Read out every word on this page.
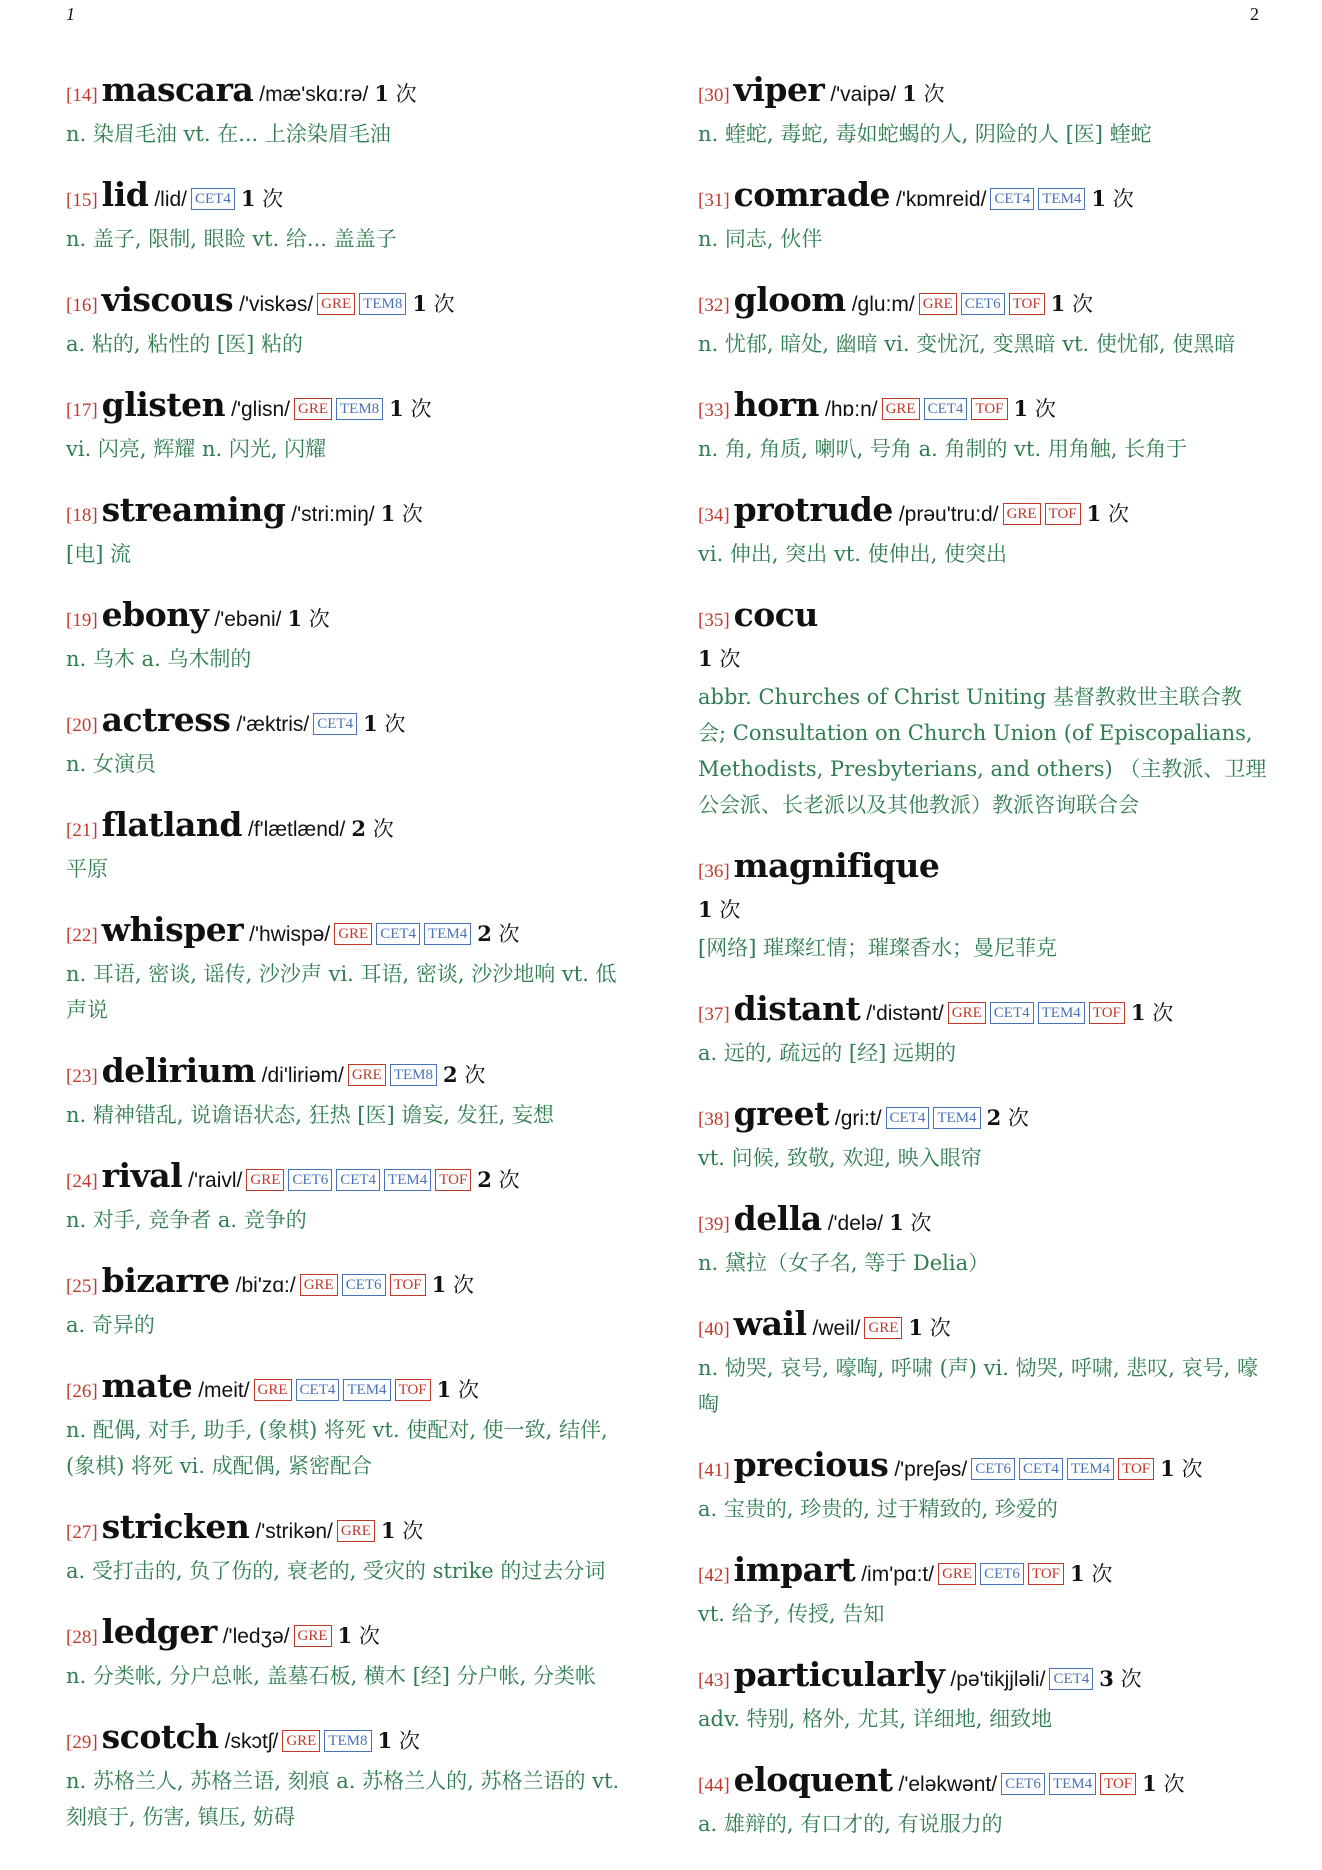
1	2
[14] mascara /mæ'skɑ:rə/ 1 次
n. 染眉毛油 vt. 在... 上涂染眉毛油
[15] lid /lid/ CET4 1 次
n. 盖子, 限制, 眼睑 vt. 给... 盖盖子
[16] viscous /'viskəs/ GRE TEM8 1 次
a. 粘的, 粘性的 [医] 粘的
[17] glisten /'glisn/ GRE TEM8 1 次
vi. 闪亮, 辉耀 n. 闪光, 闪耀
[18] streaming /'stri:miŋ/ 1 次
[电] 流
[19] ebony /'ebəni/ 1 次
n. 乌木 a. 乌木制的
[20] actress /'æktris/ CET4 1 次
n. 女演员
[21] flatland /f'lætlænd/ 2 次
平原
[22] whisper /'hwispə/ GRE CET4 TEM4 2 次
n. 耳语, 密谈, 谣传, 沙沙声 vi. 耳语, 密谈, 沙沙地响 vt. 低声说
[23] delirium /di'liriəm/ GRE TEM8 2 次
n. 精神错乱, 说谵语状态, 狂热 [医] 谵妄, 发狂, 妄想
[24] rival /'raivl/ GRE CET6 CET4 TEM4 TOF 2 次
n. 对手, 竞争者 a. 竞争的
[25] bizarre /bi'zɑ:/ GRE CET6 TOF 1 次
a. 奇异的
[26] mate /meit/ GRE CET4 TEM4 TOF 1 次
n. 配偶, 对手, 助手, (象棋) 将死 vt. 使配对, 使一致, 结伴, (象棋) 将死 vi. 成配偶, 紧密配合
[27] stricken /'strikən/ GRE 1 次
a. 受打击的, 负了伤的, 衰老的, 受灾的 strike 的过去分词
[28] ledger /'ledʒə/ GRE 1 次
n. 分类帐, 分户总帐, 盖墓石板, 横木 [经] 分户帐, 分类帐
[29] scotch /skɔtʃ/ GRE TEM8 1 次
n. 苏格兰人, 苏格兰语, 刻痕 a. 苏格兰人的, 苏格兰语的 vt. 刻痕于, 伤害, 镇压, 妨碍
[30] viper /'vaipə/ 1 次
n. 蝰蛇, 毒蛇, 毒如蛇蝎的人, 阴险的人 [医] 蝰蛇
[31] comrade /'kɒmreid/ CET4 TEM4 1 次
n. 同志, 伙伴
[32] gloom /glu:m/ GRE CET6 TOF 1 次
n. 忧郁, 暗处, 幽暗 vi. 变忧沉, 变黑暗 vt. 使忧郁, 使黑暗
[33] horn /hɒ:n/ GRE CET4 TOF 1 次
n. 角, 角质, 喇叭, 号角 a. 角制的 vt. 用角触, 长角于
[34] protrude /prəu'tru:d/ GRE TOF 1 次
vi. 伸出, 突出 vt. 使伸出, 使突出
[35] cocu
1 次
abbr. Churches of Christ Uniting 基督教救世主联合教会; Consultation on Church Union (of Episcopalians, Methodists, Presbyterians, and others) （主教派、卫理公会派、长老派以及其他教派）教派咨询联合会
[36] magnifique
1 次
[网络] 璀璨红情；璀璨香水；曼尼菲克
[37] distant /'distənt/ GRE CET4 TEM4 TOF 1 次
a. 远的, 疏远的 [经] 远期的
[38] greet /gri:t/ CET4 TEM4 2 次
vt. 问候, 致敬, 欢迎, 映入眼帘
[39] della /'delə/ 1 次
n. 黛拉（女子名, 等于 Delia）
[40] wail /weil/ GRE 1 次
n. 恸哭, 哀号, 嚎啕, 呼啸 (声) vi. 恸哭, 呼啸, 悲叹, 哀号, 嚎啕
[41] precious /'preʃəs/ CET6 CET4 TEM4 TOF 1 次
a. 宝贵的, 珍贵的, 过于精致的, 珍爱的
[42] impart /im'pɑ:t/ GRE CET6 TOF 1 次
vt. 给予, 传授, 告知
[43] particularly /pə'tikjjləli/ CET4 3 次
adv. 特别, 格外, 尤其, 详细地, 细致地
[44] eloquent /'eləkwənt/ CET6 TEM4 TOF 1 次
a. 雄辩的, 有口才的, 有说服力的
